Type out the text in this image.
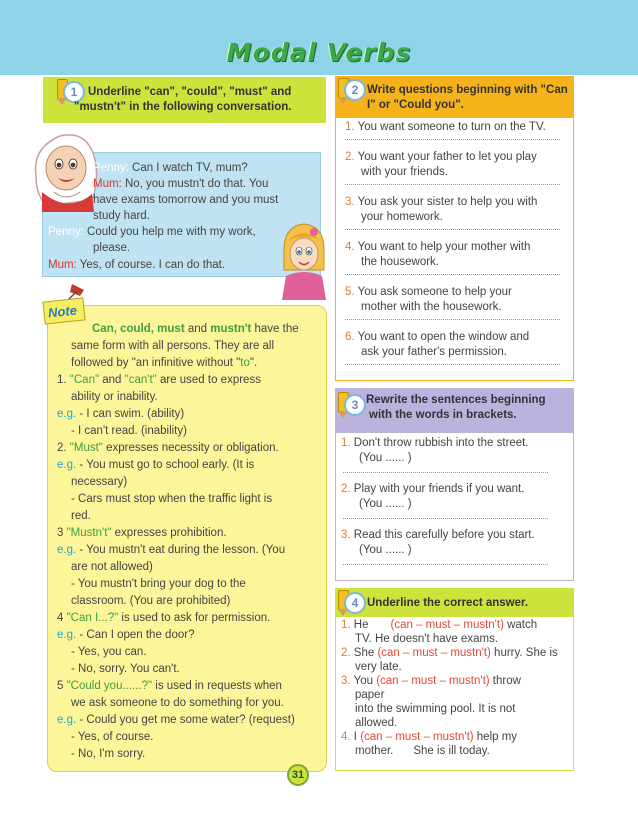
Modal Verbs
1 Underline "can", "could", "must" and
"mustn't" in the following conversation.
Penny: Can I watch TV, mum?
Mum: No, you mustn't do that. You
have exams tomorrow and you must
study hard.
Penny: Could you help me with my work,
please.
Mum: Yes, of course. I can do that.
Note
Can, could, must and mustn't have the
same form with all persons. They are all
followed by "an infinitive without "to".
1. "Can" and "can't" are used to express
ability or inability.
e.g. - I can swim. (ability)
- I can't read. (inability)
2. "Must" expresses necessity or obligation.
e.g. - You must go to school early. (It is
necessary)
- Cars must stop when the traffic light is
red.
3 "Mustn't" expresses prohibition.
e.g. - You mustn't eat during the lesson. (You
are not allowed)
- You mustn't bring your dog to the
classroom. (You are prohibited)
4 "Can I...?" is used to ask for permission.
e.g. - Can I open the door?
- Yes, you can.
- No, sorry. You can't.
5 "Could you......?" is used in requests when
we ask someone to do something for you.
e.g. - Could you get me some water? (request)
- Yes, of course.
- No, I'm sorry.
31
2 Write questions beginning with "Can
I" or "Could you".
1. You want someone to turn on the TV.
2. You want your father to let you play
with your friends.
3. You ask your sister to help you with
your homework.
4. You want to help your mother with
the housework.
5. You ask someone to help your
mother with the housework.
6. You want to open the window and
ask your father's permission.
3 Rewrite the sentences beginning
with the words in brackets.
1. Don't throw rubbish into the street.
(You ...... )
2. Play with your friends if you want.
(You ...... )
3. Read this carefully before you start.
(You ...... )
4 Underline the correct answer.
1. He (can – must – mustn't) watch
TV. He doesn't have exams.
2. She (can – must – mustn't) hurry. She is
very late.
3. You (can – must – mustn't) throw
paper
into the swimming pool. It is not
allowed.
4. I (can – must – mustn't) help my
mother. She is ill today.
